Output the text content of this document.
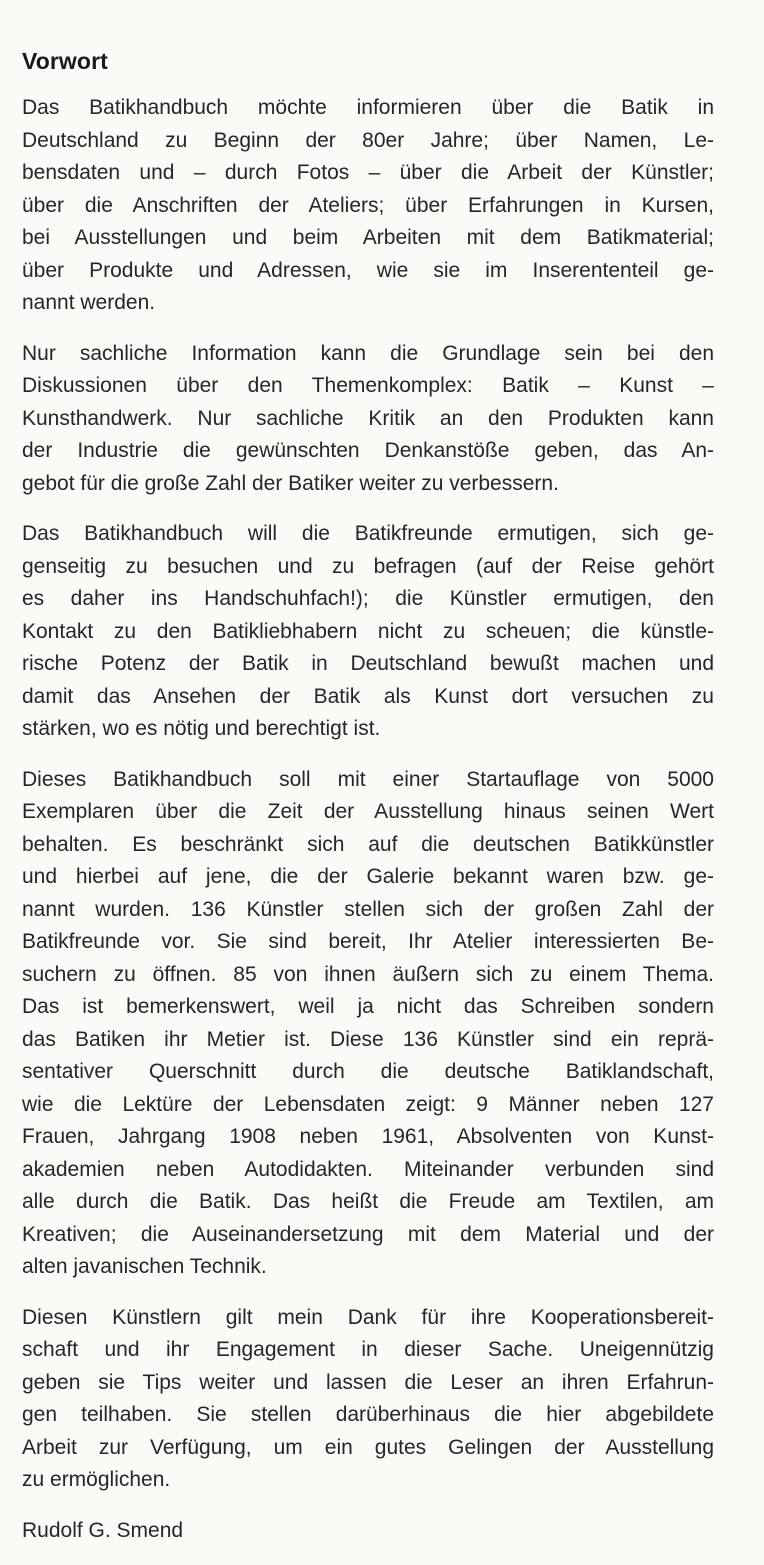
Vorwort
Das Batikhandbuch möchte informieren über die Batik in
Deutschland zu Beginn der 80er Jahre; über Namen, Le-
bensdaten und – durch Fotos – über die Arbeit der Künstler;
über die Anschriften der Ateliers; über Erfahrungen in Kursen,
bei Ausstellungen und beim Arbeiten mit dem Batikmaterial;
über Produkte und Adressen, wie sie im Inserententeil ge-
nannt werden.
Nur sachliche Information kann die Grundlage sein bei den
Diskussionen über den Themenkomplex: Batik – Kunst –
Kunsthandwerk. Nur sachliche Kritik an den Produkten kann
der Industrie die gewünschten Denkanstöße geben, das An-
gebot für die große Zahl der Batiker weiter zu verbessern.
Das Batikhandbuch will die Batikfreunde ermutigen, sich ge-
genseitig zu besuchen und zu befragen (auf der Reise gehört
es daher ins Handschuhfach!); die Künstler ermutigen, den
Kontakt zu den Batikliebhabern nicht zu scheuen; die künstle-
rische Potenz der Batik in Deutschland bewußt machen und
damit das Ansehen der Batik als Kunst dort versuchen zu
stärken, wo es nötig und berechtigt ist.
Dieses Batikhandbuch soll mit einer Startauflage von 5000
Exemplaren über die Zeit der Ausstellung hinaus seinen Wert
behalten. Es beschränkt sich auf die deutschen Batikkünstler
und hierbei auf jene, die der Galerie bekannt waren bzw. ge-
nannt wurden. 136 Künstler stellen sich der großen Zahl der
Batikfreunde vor. Sie sind bereit, Ihr Atelier interessierten Be-
suchern zu öffnen. 85 von ihnen äußern sich zu einem Thema.
Das ist bemerkenswert, weil ja nicht das Schreiben sondern
das Batiken ihr Metier ist. Diese 136 Künstler sind ein reprä-
sentativer Querschnitt durch die deutsche Batiklandschaft,
wie die Lektüre der Lebensdaten zeigt: 9 Männer neben 127
Frauen, Jahrgang 1908 neben 1961, Absolventen von Kunst-
akademien neben Autodidakten. Miteinander verbunden sind
alle durch die Batik. Das heißt die Freude am Textilen, am
Kreativen; die Auseinandersetzung mit dem Material und der
alten javanischen Technik.
Diesen Künstlern gilt mein Dank für ihre Kooperationsbereit-
schaft und ihr Engagement in dieser Sache. Uneigennützig
geben sie Tips weiter und lassen die Leser an ihren Erfahrun-
gen teilhaben. Sie stellen darüberhinaus die hier abgebildete
Arbeit zur Verfügung, um ein gutes Gelingen der Ausstellung
zu ermöglichen.
Rudolf G. Smend
